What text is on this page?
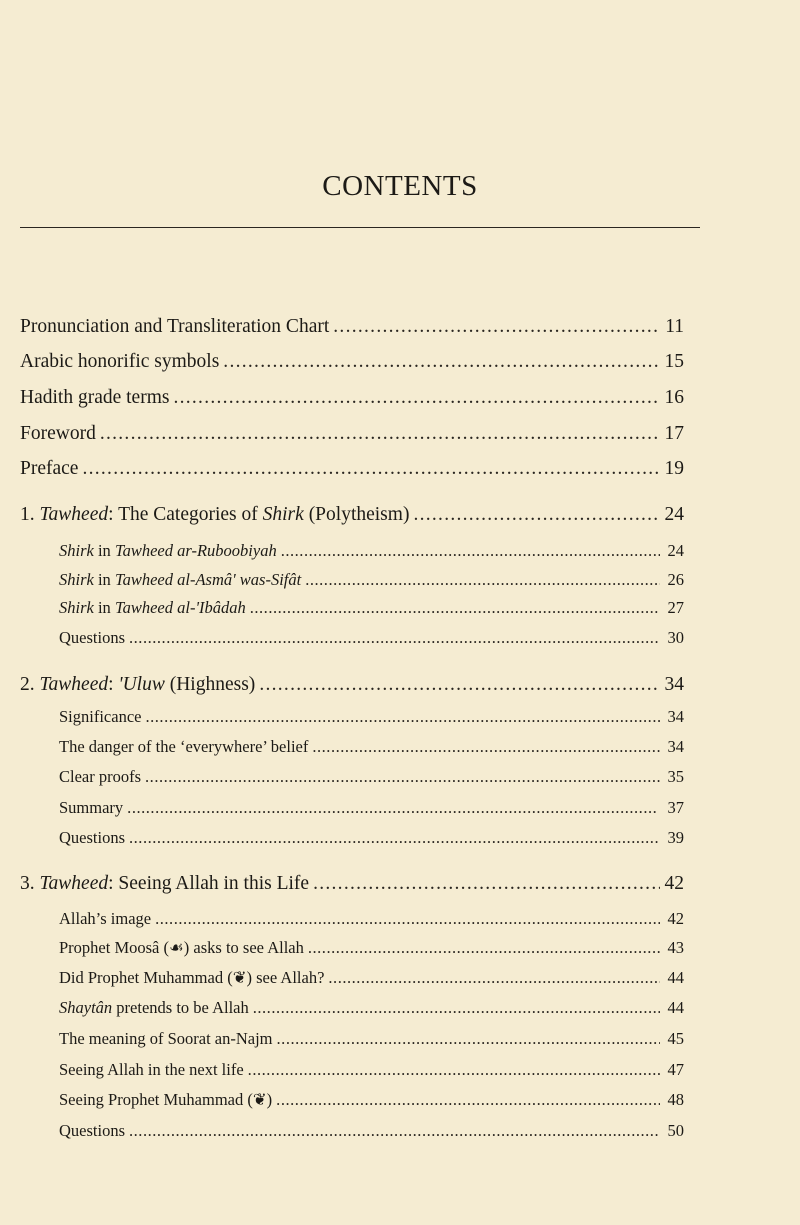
CONTENTS
Pronunciation and Transliteration Chart . . .	11
Arabic honorific symbols . . .	15
Hadith grade terms . . .	16
Foreword . . .	17
Preface . . .	19
1. Tawheed: The Categories of Shirk (Polytheism) . . .	24
Shirk in Tawheed ar-Ruboobiyah . . .	24
Shirk in Tawheed al-Asmâ' was-Sifât . . .	26
Shirk in Tawheed al-'Ibâdah . . .	27
Questions . . .	30
2. Tawheed: 'Uluw (Highness) . . .	34
Significance . . .	34
The danger of the ‘everywhere’ belief . . .	34
Clear proofs . . .	35
Summary . . .	37
Questions . . .	39
3. Tawheed: Seeing Allah in this Life . . .	42
Allah’s image . . .	42
Prophet Moosâ (☙) asks to see Allah . . .	43
Did Prophet Muhammad (❦) see Allah? . . .	44
Shaytân pretends to be Allah . . .	44
The meaning of Soorat an-Najm . . .	45
Seeing Allah in the next life . . .	47
Seeing Prophet Muhammad (❦) . . .	48
Questions . . .	50
